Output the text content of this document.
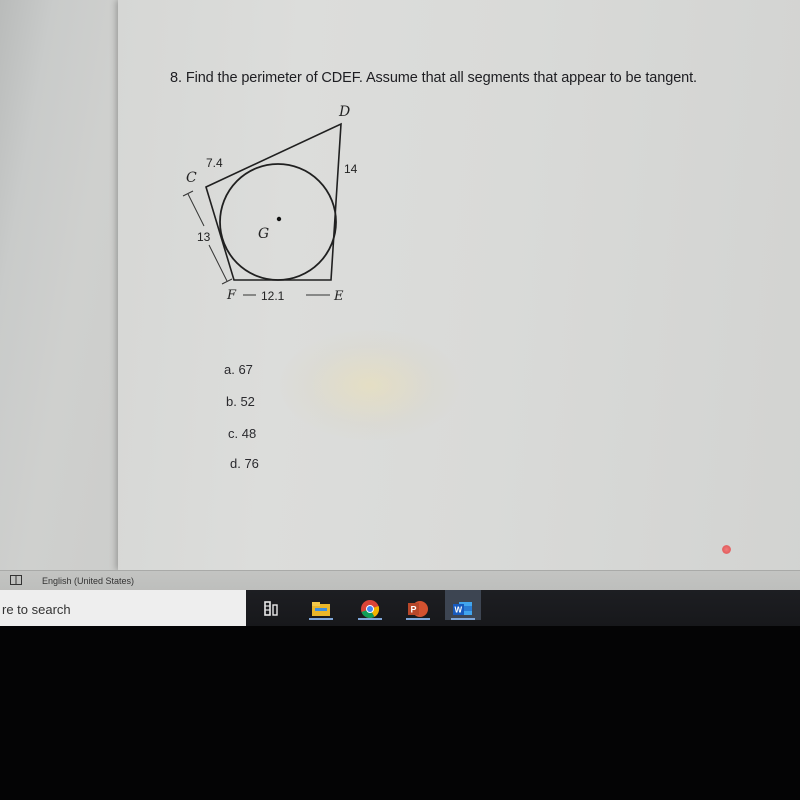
8. Find the perimeter of CDEF. Assume that all segments that appear to be tangent.
D
C
G
F	E
7.4	14
13
12.1
a. 67
b. 52
c. 48
d. 76
English (United States)
re to search	P	W
